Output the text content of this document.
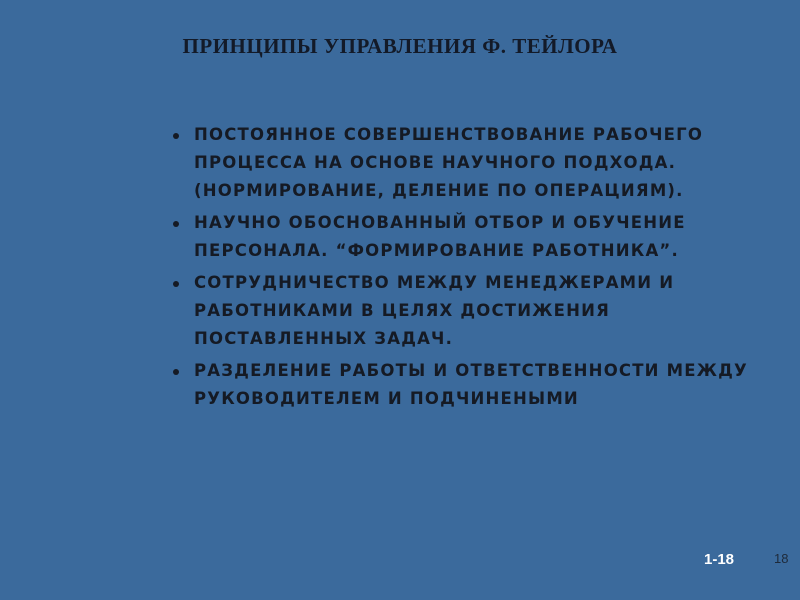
ПРИНЦИПЫ УПРАВЛЕНИЯ Ф. ТЕЙЛОРА
ПОСТОЯННОЕ СОВЕРШЕНСТВОВАНИЕ РАБОЧЕГО ПРОЦЕССА НА ОСНОВЕ НАУЧНОГО ПОДХОДА. (НОРМИРОВАНИЕ, ДЕЛЕНИЕ ПО ОПЕРАЦИЯМ).
НАУЧНО ОБОСНОВАННЫЙ ОТБОР И ОБУЧЕНИЕ ПЕРСОНАЛА. “ФОРМИРОВАНИЕ РАБОТНИКА”.
СОТРУДНИЧЕСТВО МЕЖДУ МЕНЕДЖЕРАМИ И РАБОТНИКАМИ В ЦЕЛЯХ ДОСТИЖЕНИЯ ПОСТАВЛЕННЫХ ЗАДАЧ.
РАЗДЕЛЕНИЕ РАБОТЫ И ОТВЕТСТВЕННОСТИ МЕЖДУ РУКОВОДИТЕЛЕМ И ПОДЧИНЕНЫМИ
1-18	18
